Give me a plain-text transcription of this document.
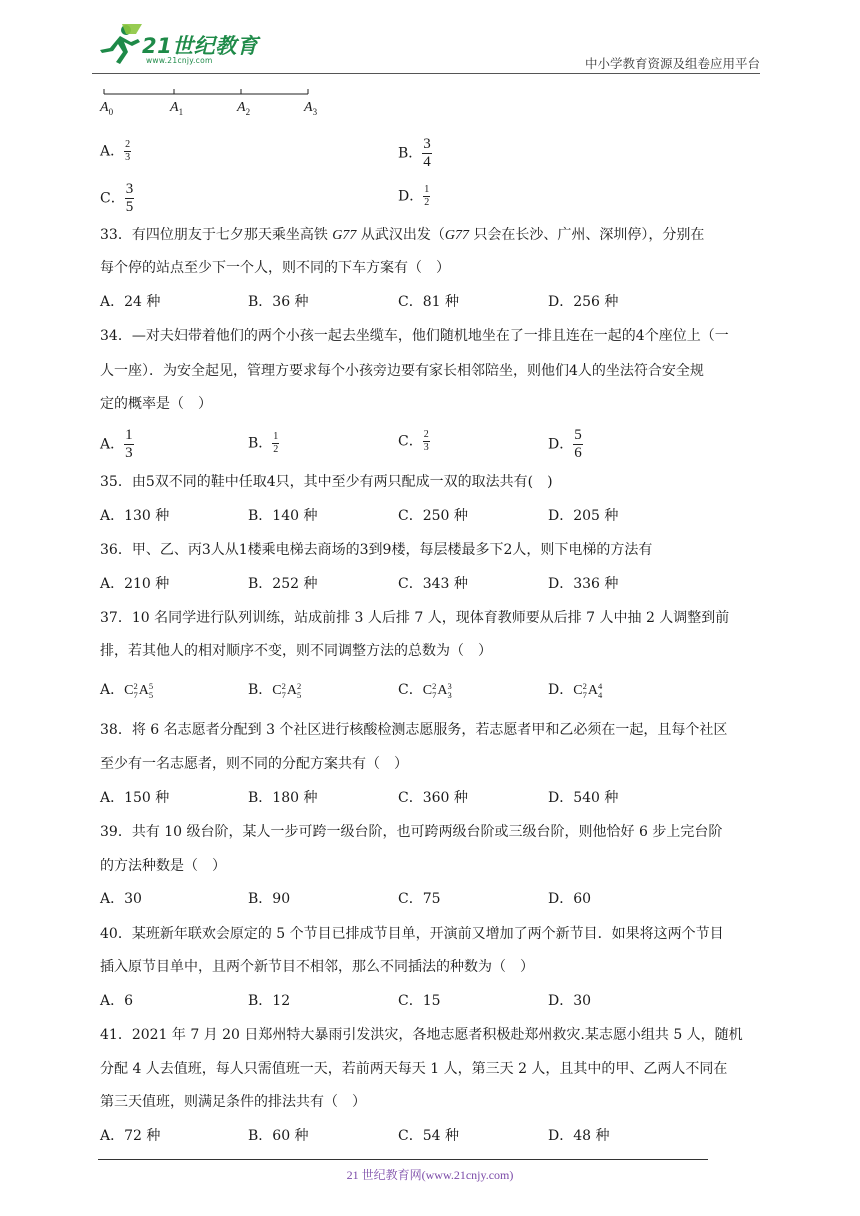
21世纪教育
www.21cnjy.com	中小学教育资源及组卷应用平台
$A_0$	$A_1$	$A_2$	$A_3$
A． $\frac{2}{3}$	B． $\frac{3}{4}$
C． $\frac{3}{5}$	D． $\frac{1}{2}$
33．有四位朋友于七夕那天乘坐高铁 G77 从武汉出发（G77 只会在长沙、广州、深圳停），分别在
每个停的站点至少下一个人，则不同的下车方案有（　）
A．24 种	B．36 种	C．81 种	D．256 种
34．—对夫妇带着他们的两个小孩一起去坐缆车，他们随机地坐在了一排且连在一起的4个座位上（一
人一座）．为安全起见，管理方要求每个小孩旁边要有家长相邻陪坐，则他们4人的坐法符合安全规
定的概率是（　）
A． $\frac{1}{3}$	B． $\frac{1}{2}$	C． $\frac{2}{3}$	D． $\frac{5}{6}$
35．由5双不同的鞋中任取4只，其中至少有两只配成一双的取法共有(　)
A．130 种	B．140 种	C．250 种	D．205 种
36．甲、乙、丙3人从1楼乘电梯去商场的3到9楼，每层楼最多下2人，则下电梯的方法有
A．210 种	B．252 种	C．343 种	D．336 种
37．10 名同学进行队列训练，站成前排 3 人后排 7 人，现体育教师要从后排 7 人中抽 2 人调整到前
排，若其他人的相对顺序不变，则不同调整方法的总数为（　）
A．C 2
7 A 5
5	B．C 2
7 A 2
5	C．C 2
7 A 3
3	D．C 2
7 A 4
4
38．将 6 名志愿者分配到 3 个社区进行核酸检测志愿服务，若志愿者甲和乙必须在一起，且每个社区
至少有一名志愿者，则不同的分配方案共有（　）
A．150 种	B．180 种	C．360 种	D．540 种
39．共有 10 级台阶，某人一步可跨一级台阶，也可跨两级台阶或三级台阶，则他恰好 6 步上完台阶
的方法种数是（　）
A．30	B．90	C．75	D．60
40．某班新年联欢会原定的 5 个节目已排成节目单，开演前又增加了两个新节目．如果将这两个节目
插入原节目单中，且两个新节目不相邻，那么不同插法的种数为（　）
A．6	B．12	C．15	D．30
41．2021 年 7 月 20 日郑州特大暴雨引发洪灾，各地志愿者积极赴郑州救灾.某志愿小组共 5 人，随机
分配 4 人去值班，每人只需值班一天，若前两天每天 1 人，第三天 2 人，且其中的甲、乙两人不同在
第三天值班，则满足条件的排法共有（　）
A．72 种	B．60 种	C．54 种	D．48 种
21 世纪教育网(www.21cnjy.com)
